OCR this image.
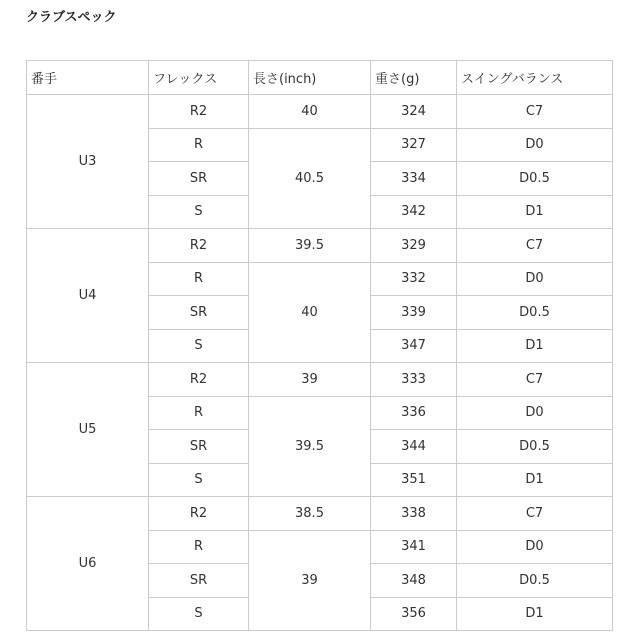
クラブスペック
番手	フレックス	長さ(inch)	重さ(g)	スイングバランス
U3	R2	40	324	C7
	R	40.5	327	D0
	SR		334	D0.5
	S		342	D1
U4	R2	39.5	329	C7
	R	40	332	D0
	SR		339	D0.5
	S		347	D1
U5	R2	39	333	C7
	R	39.5	336	D0
	SR		344	D0.5
	S		351	D1
U6	R2	38.5	338	C7
	R	39	341	D0
	SR		348	D0.5
	S		356	D1
